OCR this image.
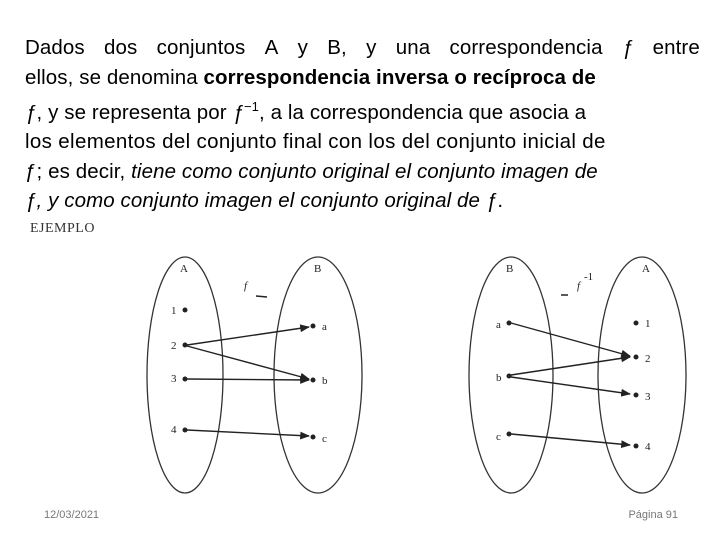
Dados dos conjuntos A y B, y una correspondencia ƒ entre
ellos, se denomina correspondencia inversa o recíproca de
ƒ, y se representa por $ƒ^{-1}$, a la correspondencia que asocia a
los elementos del conjunto final con los del conjunto inicial de
ƒ; es decir, tiene como conjunto original el conjunto imagen de
ƒ, y como conjunto imagen el conjunto original de ƒ.
EJEMPLO
A	B
f
1
2
3
4
a
b
c
B	A
f
-1
a
b
c
1
2
3
4
12/03/2021	Página 91
